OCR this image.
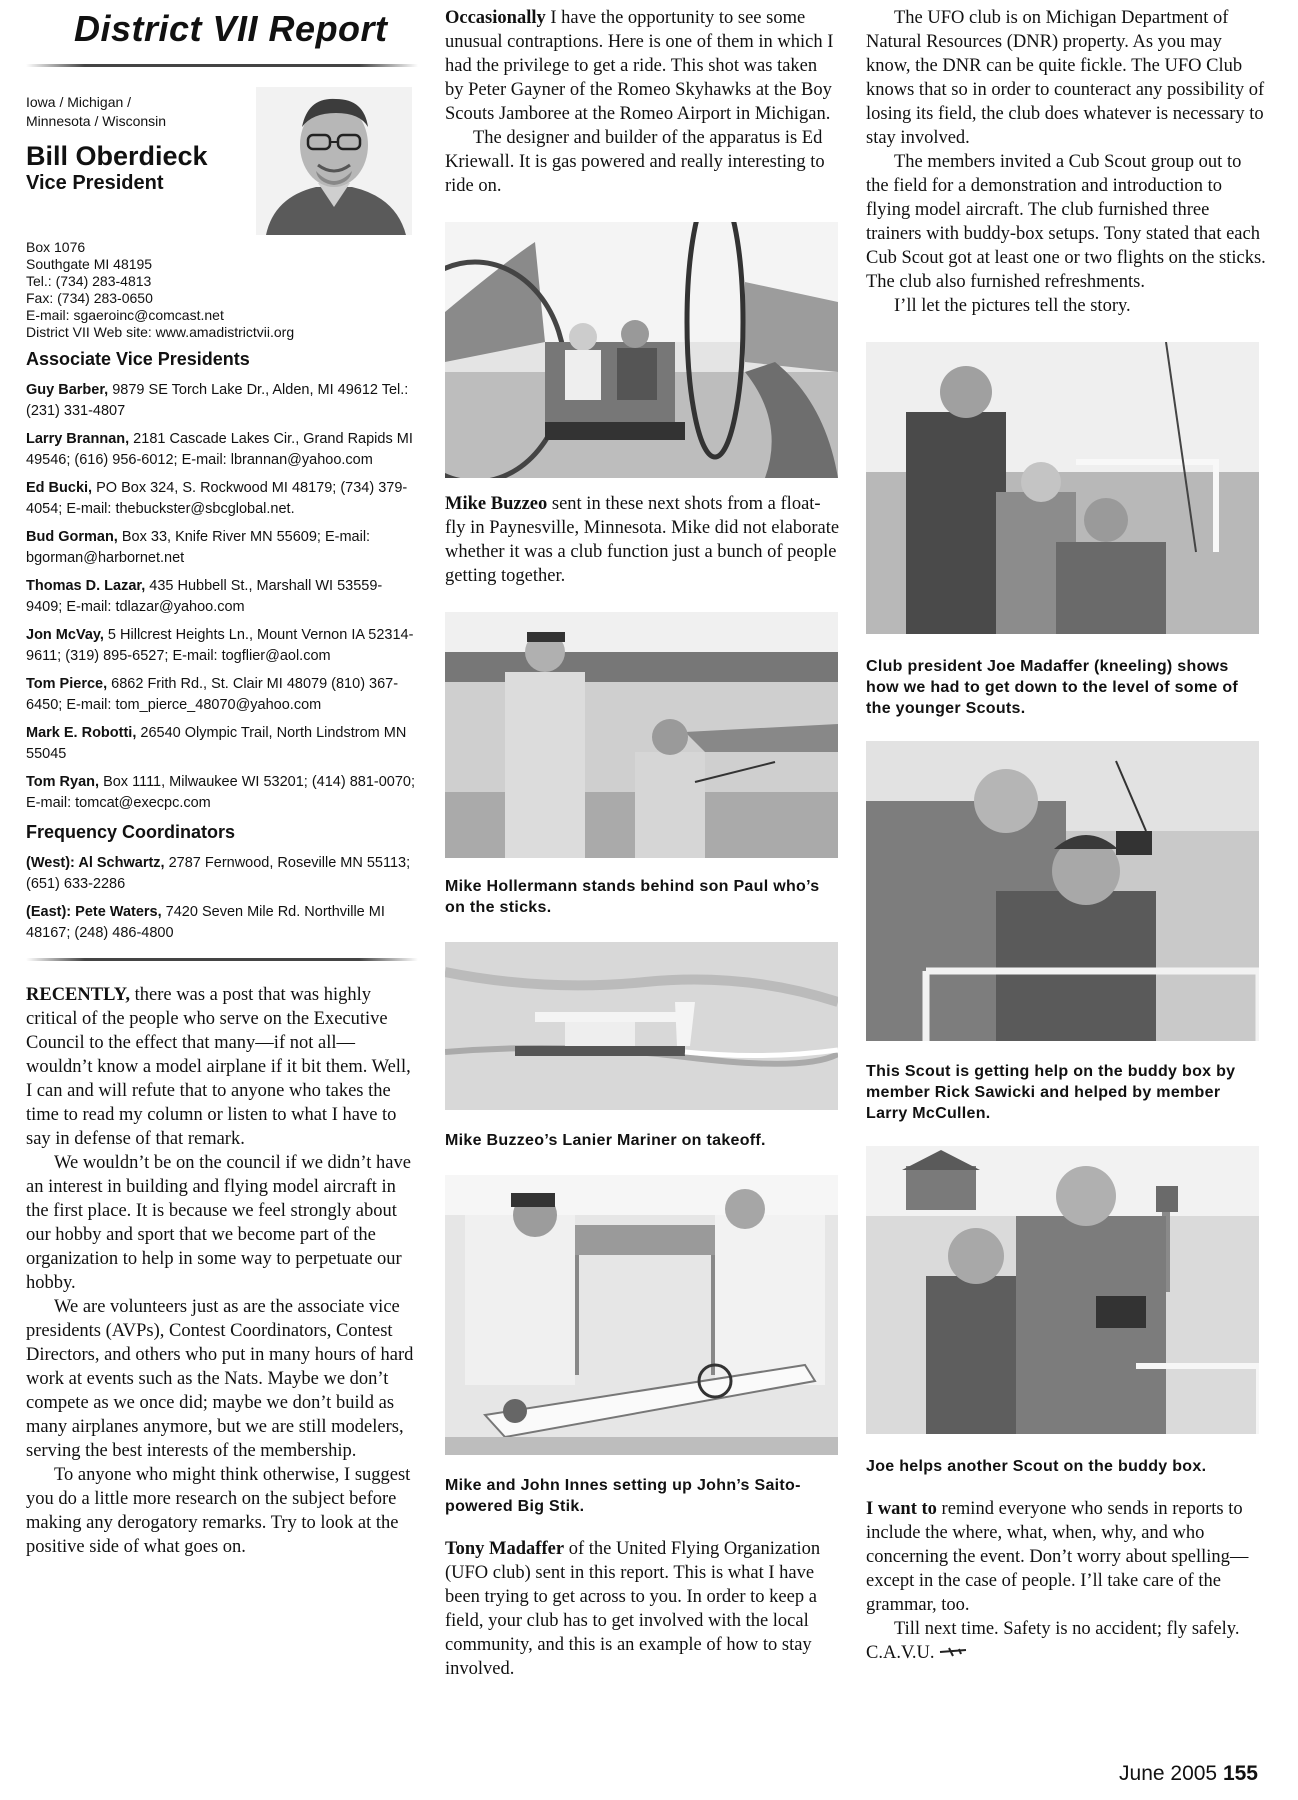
District VII Report
Iowa / Michigan /
Minnesota / Wisconsin
Bill Oberdieck
Vice President
Box 1076
Southgate MI 48195
Tel.: (734) 283-4813
Fax: (734) 283-0650
E-mail: sgaeroinc@comcast.net
District VII Web site: www.amadistrictvii.org
Associate Vice Presidents
Guy Barber, 9879 SE Torch Lake Dr., Alden, MI 49612 Tel.: (231) 331-4807
Larry Brannan, 2181 Cascade Lakes Cir., Grand Rapids MI 49546; (616) 956-6012; E-mail: lbrannan@yahoo.com
Ed Bucki, PO Box 324, S. Rockwood MI 48179; (734) 379-4054; E-mail: thebuckster@sbcglobal.net.
Bud Gorman, Box 33, Knife River MN 55609; E-mail: bgorman@harbornet.net
Thomas D. Lazar, 435 Hubbell St., Marshall WI 53559-9409; E-mail: tdlazar@yahoo.com
Jon McVay, 5 Hillcrest Heights Ln., Mount Vernon IA 52314-9611; (319) 895-6527; E-mail: togflier@aol.com
Tom Pierce, 6862 Frith Rd., St. Clair MI 48079 (810) 367-6450; E-mail: tom_pierce_48070@yahoo.com
Mark E. Robotti, 26540 Olympic Trail, North Lindstrom MN 55045
Tom Ryan, Box 1111, Milwaukee WI 53201; (414) 881-0070; E-mail: tomcat@execpc.com
Frequency Coordinators
(West): Al Schwartz, 2787 Fernwood, Roseville MN 55113; (651) 633-2286
(East): Pete Waters, 7420 Seven Mile Rd. Northville MI 48167; (248) 486-4800

RECENTLY, there was a post that was highly critical of the people who serve on the Executive Council to the effect that many—if not all—wouldn’t know a model airplane if it bit them. Well, I can and will refute that to anyone who takes the time to read my column or listen to what I have to say in defense of that remark.

We wouldn’t be on the council if we didn’t have an interest in building and flying model aircraft in the first place. It is because we feel strongly about our hobby and sport that we become part of the organization to help in some way to perpetuate our hobby.

We are volunteers just as are the associate vice presidents (AVPs), Contest Coordinators, Contest Directors, and others who put in many hours of hard work at events such as the Nats. Maybe we don’t compete as we once did; maybe we don’t build as many airplanes anymore, but we are still modelers, serving the best interests of the membership.

To anyone who might think otherwise, I suggest you do a little more research on the subject before making any derogatory remarks. Try to look at the positive side of what goes on.

Occasionally I have the opportunity to see some unusual contraptions. Here is one of them in which I had the privilege to get a ride. This shot was taken by Peter Gayner of the Romeo Skyhawks at the Boy Scouts Jamboree at the Romeo Airport in Michigan.

The designer and builder of the apparatus is Ed Kriewall. It is gas powered and really interesting to ride on.

Mike Buzzeo sent in these next shots from a float-fly in Paynesville, Minnesota. Mike did not elaborate whether it was a club function just a bunch of people getting together.

Mike Hollermann stands behind son Paul who’s on the sticks.
Mike Buzzeo’s Lanier Mariner on takeoff.
Mike and John Innes setting up John’s Saito-powered Big Stik.

Tony Madaffer of the United Flying Organization (UFO club) sent in this report. This is what I have been trying to get across to you. In order to keep a field, your club has to get involved with the local community, and this is an example of how to stay involved.

The UFO club is on Michigan Department of Natural Resources (DNR) property. As you may know, the DNR can be quite fickle. The UFO Club knows that so in order to counteract any possibility of losing its field, the club does whatever is necessary to stay involved.

The members invited a Cub Scout group out to the field for a demonstration and introduction to flying model aircraft. The club furnished three trainers with buddy-box setups. Tony stated that each Cub Scout got at least one or two flights on the sticks. The club also furnished refreshments.

I’ll let the pictures tell the story.

Club president Joe Madaffer (kneeling) shows how we had to get down to the level of some of the younger Scouts.
This Scout is getting help on the buddy box by member Rick Sawicki and helped by member Larry McCullen.
Joe helps another Scout on the buddy box.

I want to remind everyone who sends in reports to include the where, what, when, why, and who concerning the event. Don’t worry about spelling—except in the case of people. I’ll take care of the grammar, too.

Till next time. Safety is no accident; fly safely. C.A.V.U.

June 2005 155
